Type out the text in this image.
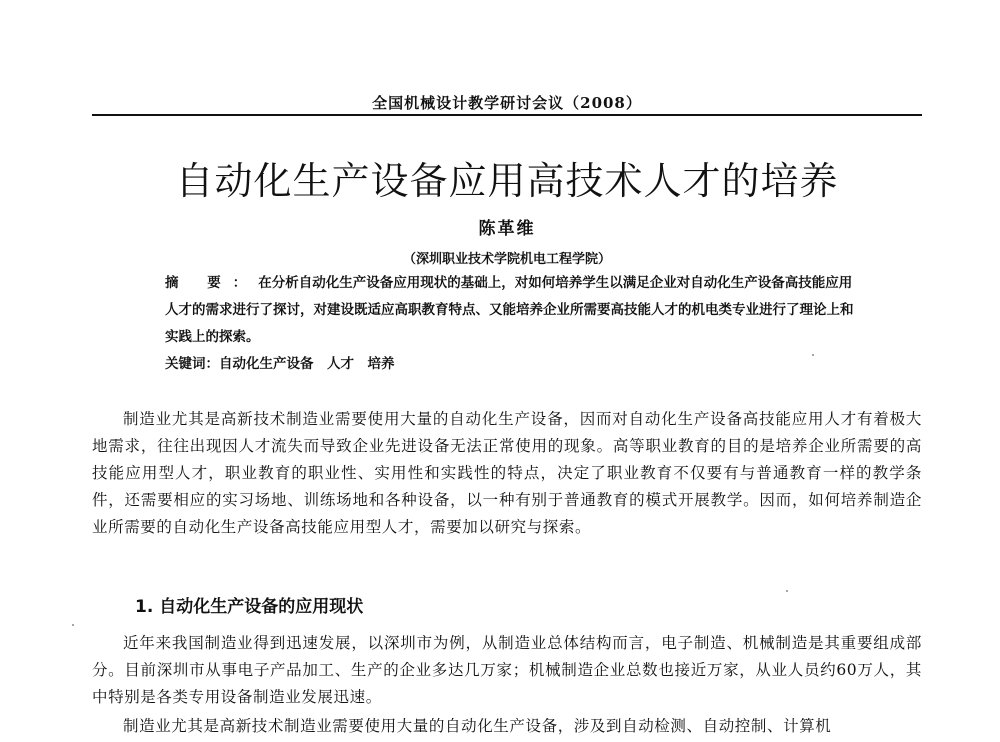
全国机械设计教学研讨会议（2008）
自动化生产设备应用高技术人才的培养
陈革维
（深圳职业技术学院机电工程学院）
摘 要：在分析自动化生产设备应用现状的基础上，对如何培养学生以满足企业对自动化生产设备高技能应用人才的需求进行了探讨，对建设既适应高职教育特点、又能培养企业所需要高技能人才的机电类专业进行了理论上和实践上的探索。
关键词：自动化生产设备　人才　培养
制造业尤其是高新技术制造业需要使用大量的自动化生产设备，因而对自动化生产设备高技能应用人才有着极大地需求，往往出现因人才流失而导致企业先进设备无法正常使用的现象。高等职业教育的目的是培养企业所需要的高技能应用型人才，职业教育的职业性、实用性和实践性的特点，决定了职业教育不仅要有与普通教育一样的教学条件，还需要相应的实习场地、训练场地和各种设备，以一种有别于普通教育的模式开展教学。因而，如何培养制造企业所需要的自动化生产设备高技能应用型人才，需要加以研究与探索。
1. 自动化生产设备的应用现状
近年来我国制造业得到迅速发展，以深圳市为例，从制造业总体结构而言，电子制造、机械制造是其重要组成部分。目前深圳市从事电子产品加工、生产的企业多达几万家；机械制造企业总数也接近万家，从业人员约60万人，其中特别是各类专用设备制造业发展迅速。
制造业尤其是高新技术制造业需要使用大量的自动化生产设备，涉及到自动检测、自动控制、计算机
